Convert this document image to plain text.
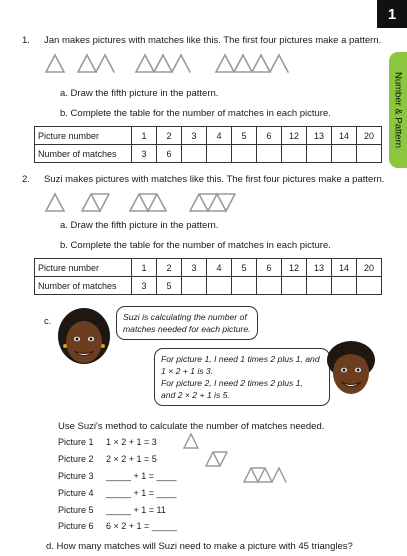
1
Number & Pattern
1. Jan makes pictures with matches like this. The first four pictures make a pattern.
a. Draw the fifth picture in the pattern.
b. Complete the table for the number of matches in each picture.
Picture number	1	2	3	4	5	6	12	13	14	20
Number of matches	3	6								
2. Suzi makes pictures with matches like this. The first four pictures make a pattern.
a. Draw the fifth picture in the pattern.
b. Complete the table for the number of matches in each picture.
Picture number	1	2	3	4	5	6	12	13	14	20
Number of matches	3	5								
c.	Suzi is calculating the number of
matches needed for each picture.
For picture 1, I need 1 times 2 plus 1, and
1 × 2 + 1 is 3.
For picture 2, I need 2 times 2 plus 1,
and 2 × 2 + 1 is 5.
Use Suzi's method to calculate the number of matches needed.
Picture 1 1 × 2 + 1 = 3
Picture 2 2 × 2 + 1 = 5
Picture 3 _____ + 1 = ____
Picture 4 _____ + 1 = ____
Picture 5 _____ + 1 = 11
Picture 6 6 × 2 + 1 = _____
d. How many matches will Suzi need to make a picture with 45 triangles?
